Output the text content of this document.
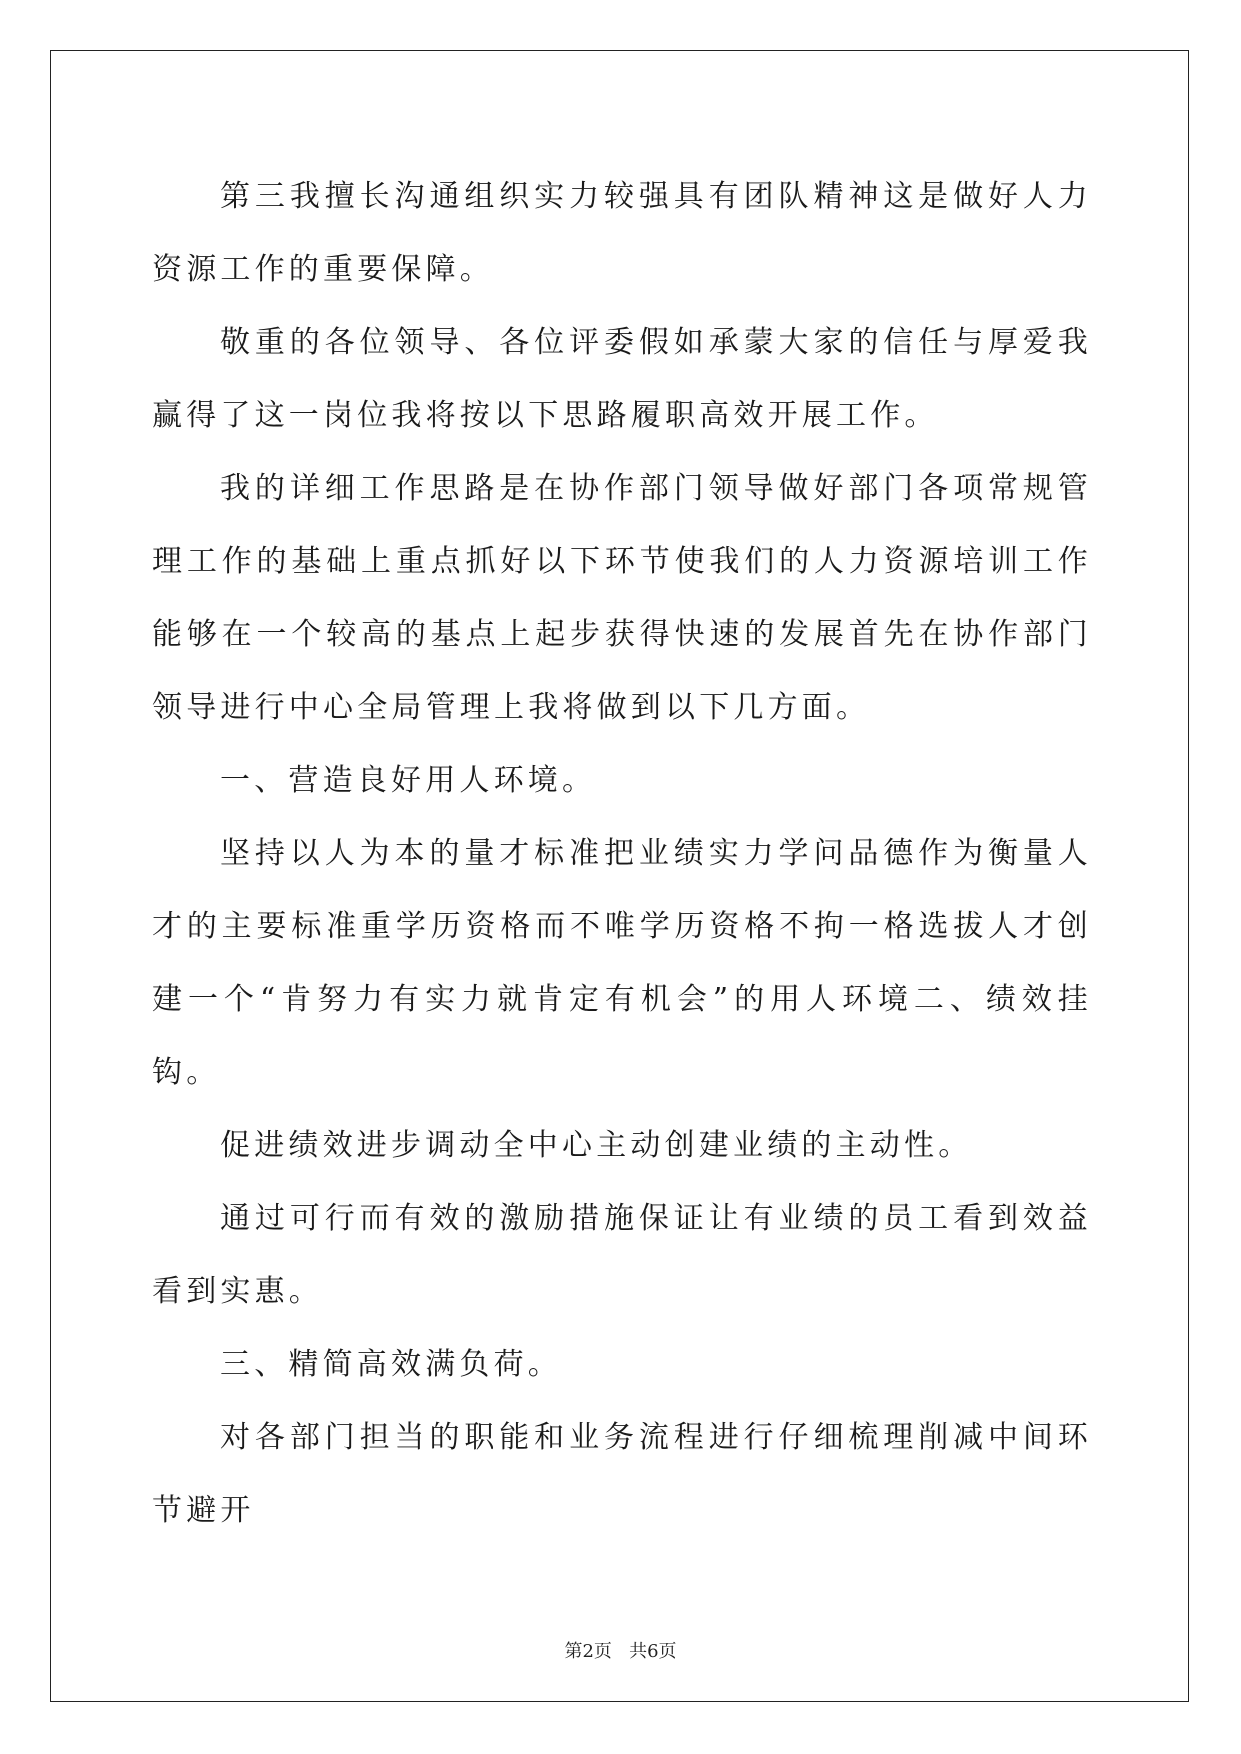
第三我擅长沟通组织实力较强具有团队精神这是做好人力资源工作的重要保障。

敬重的各位领导、各位评委假如承蒙大家的信任与厚爱我赢得了这一岗位我将按以下思路履职高效开展工作。

我的详细工作思路是在协作部门领导做好部门各项常规管理工作的基础上重点抓好以下环节使我们的人力资源培训工作能够在一个较高的基点上起步获得快速的发展首先在协作部门领导进行中心全局管理上我将做到以下几方面。

一、营造良好用人环境。

坚持以人为本的量才标准把业绩实力学问品德作为衡量人才的主要标准重学历资格而不唯学历资格不拘一格选拔人才创建一个“肯努力有实力就肯定有机会”的用人环境二、绩效挂钩。

促进绩效进步调动全中心主动创建业绩的主动性。

通过可行而有效的激励措施保证让有业绩的员工看到效益看到实惠。

三、精简高效满负荷。

对各部门担当的职能和业务流程进行仔细梳理削减中间环节避开

第2页   共6页
